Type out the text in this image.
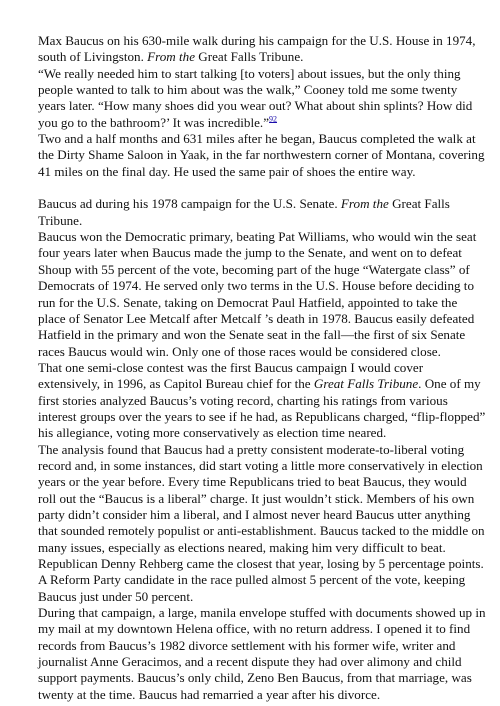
Max Baucus on his 630-mile walk during his campaign for the U.S. House in 1974, south of Livingston. From the Great Falls Tribune.

“We really needed him to start talking [to voters] about issues, but the only thing people wanted to talk to him about was the walk,” Cooney told me some twenty years later. “How many shoes did you wear out? What about shin splints? How did you go to the bathroom?’ It was incredible.”$^{92}$

Two and a half months and 631 miles after he began, Baucus completed the walk at the Dirty Shame Saloon in Yaak, in the far northwestern corner of Montana, covering 41 miles on the final day. He used the same pair of shoes the entire way.

Baucus ad during his 1978 campaign for the U.S. Senate. From the Great Falls Tribune.

Baucus won the Democratic primary, beating Pat Williams, who would win the seat four years later when Baucus made the jump to the Senate, and went on to defeat Shoup with 55 percent of the vote, becoming part of the huge “Watergate class” of Democrats of 1974. He served only two terms in the U.S. House before deciding to run for the U.S. Senate, taking on Democrat Paul Hatfield, appointed to take the place of Senator Lee Metcalf after Metcalf ’s death in 1978. Baucus easily defeated Hatfield in the primary and won the Senate seat in the fall—the first of six Senate races Baucus would win. Only one of those races would be considered close.

That one semi-close contest was the first Baucus campaign I would cover extensively, in 1996, as Capitol Bureau chief for the Great Falls Tribune. One of my first stories analyzed Baucus’s voting record, charting his ratings from various interest groups over the years to see if he had, as Republicans charged, “flip-flopped” his allegiance, voting more conservatively as election time neared.

The analysis found that Baucus had a pretty consistent moderate-to-liberal voting record and, in some instances, did start voting a little more conservatively in election years or the year before. Every time Republicans tried to beat Baucus, they would roll out the “Baucus is a liberal” charge. It just wouldn’t stick. Members of his own party didn’t consider him a liberal, and I almost never heard Baucus utter anything that sounded remotely populist or anti-establishment. Baucus tacked to the middle on many issues, especially as elections neared, making him very difficult to beat.

Republican Denny Rehberg came the closest that year, losing by 5 percentage points. A Reform Party candidate in the race pulled almost 5 percent of the vote, keeping Baucus just under 50 percent.

During that campaign, a large, manila envelope stuffed with documents showed up in my mail at my downtown Helena office, with no return address. I opened it to find records from Baucus’s 1982 divorce settlement with his former wife, writer and journalist Anne Geracimos, and a recent dispute they had over alimony and child support payments. Baucus’s only child, Zeno Ben Baucus, from that marriage, was twenty at the time. Baucus had remarried a year after his divorce.
